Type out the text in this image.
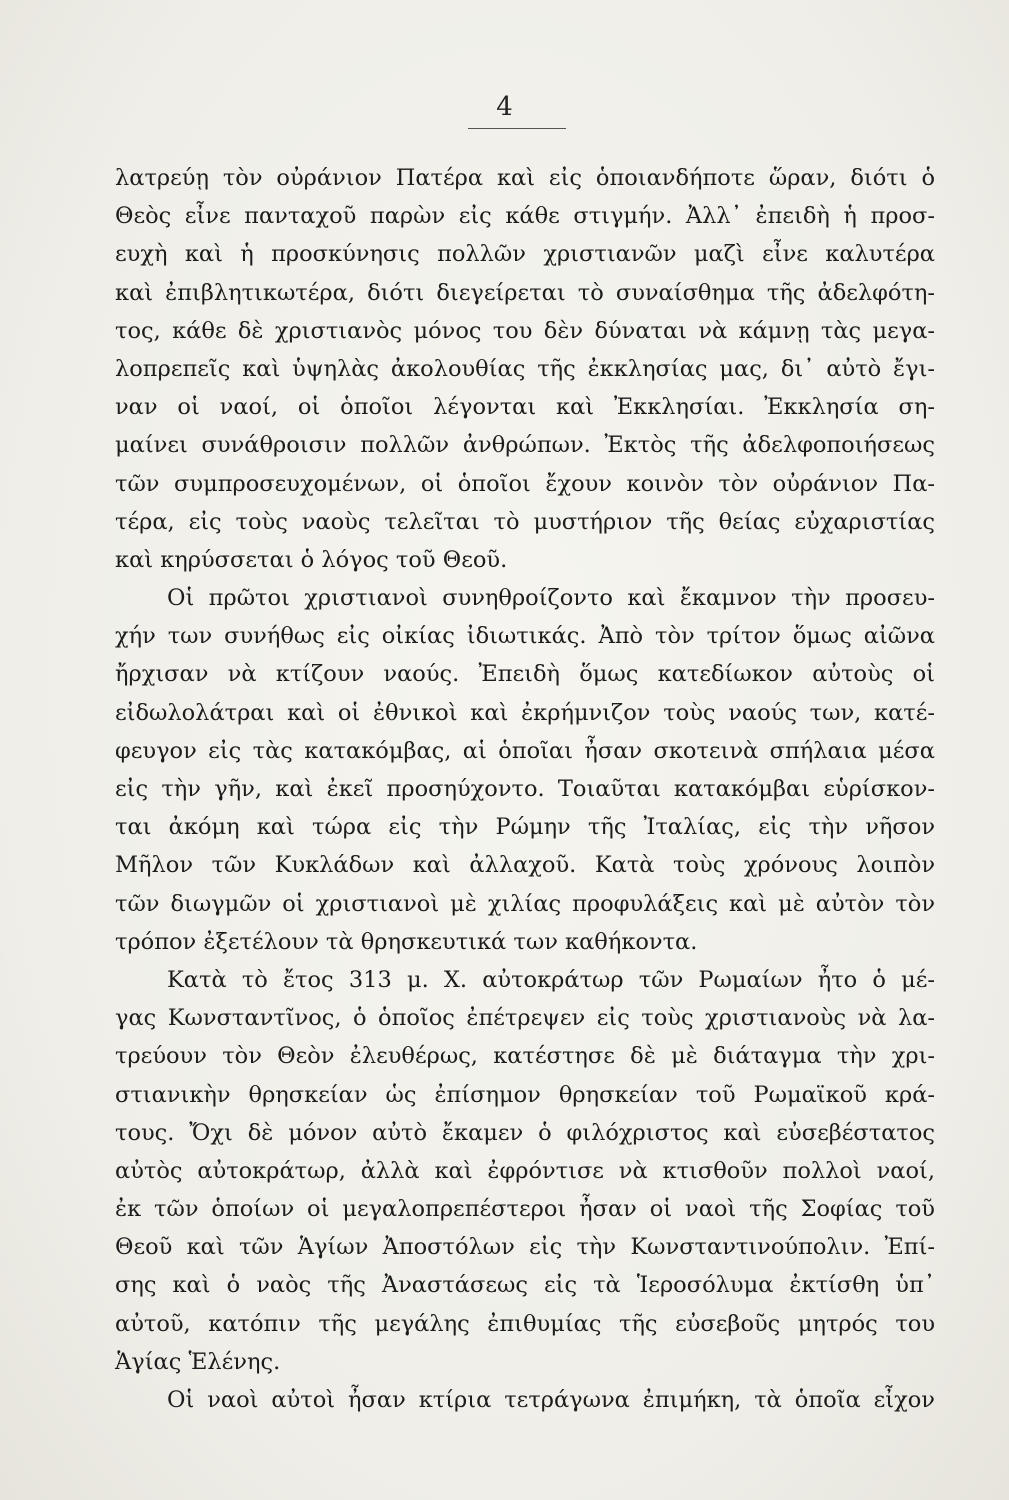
4
λατρεύῃ τὸν οὐράνιον Πατέρα καὶ εἰς ὁποιανδήποτε ὥραν, διότι ὁ
Θεὸς εἶνε πανταχοῦ παρὼν εἰς κάθε στιγμήν. Ἀλλ᾽ ἐπειδὴ ἡ προσ-
ευχὴ καὶ ἡ προσκύνησις πολλῶν χριστιανῶν μαζὶ εἶνε καλυτέρα
καὶ ἐπιβλητικωτέρα, διότι διεγείρεται τὸ συναίσθημα τῆς ἀδελφότη-
τος, κάθε δὲ χριστιανὸς μόνος του δὲν δύναται νὰ κάμνῃ τὰς μεγα-
λοπρεπεῖς καὶ ὑψηλὰς ἀκολουθίας τῆς ἐκκλησίας μας, δι᾽ αὐτὸ ἔγι-
ναν οἱ ναοί, οἱ ὁποῖοι λέγονται καὶ Ἐκκλησίαι. Ἐκκλησία ση-
μαίνει συνάθροισιν πολλῶν ἀνθρώπων. Ἐκτὸς τῆς ἀδελφοποιήσεως
τῶν συμπροσευχομένων, οἱ ὁποῖοι ἔχουν κοινὸν τὸν οὐράνιον Πα-
τέρα, εἰς τοὺς ναοὺς τελεῖται τὸ μυστήριον τῆς θείας εὐχαριστίας
καὶ κηρύσσεται ὁ λόγος τοῦ Θεοῦ.
Οἱ πρῶτοι χριστιανοὶ συνηθροίζοντο καὶ ἔκαμνον τὴν προσευ-
χήν των συνήθως εἰς οἰκίας ἰδιωτικάς. Ἀπὸ τὸν τρίτον ὅμως αἰῶνα
ἤρχισαν νὰ κτίζουν ναούς. Ἐπειδὴ ὅμως κατεδίωκον αὐτοὺς οἱ
εἰδωλολάτραι καὶ οἱ ἐθνικοὶ καὶ ἐκρήμνιζον τοὺς ναούς των, κατέ-
φευγον εἰς τὰς κατακόμβας, αἱ ὁποῖαι ἦσαν σκοτεινὰ σπήλαια μέσα
εἰς τὴν γῆν, καὶ ἐκεῖ προσηύχοντο. Τοιαῦται κατακόμβαι εὑρίσκον-
ται ἀκόμη καὶ τώρα εἰς τὴν Ρώμην τῆς Ἰταλίας, εἰς τὴν νῆσον
Μῆλον τῶν Κυκλάδων καὶ ἀλλαχοῦ. Κατὰ τοὺς χρόνους λοιπὸν
τῶν διωγμῶν οἱ χριστιανοὶ μὲ χιλίας προφυλάξεις καὶ μὲ αὐτὸν τὸν
τρόπον ἐξετέλουν τὰ θρησκευτικά των καθήκοντα.
Κατὰ τὸ ἔτος 313 μ. Χ. αὐτοκράτωρ τῶν Ρωμαίων ἦτο ὁ μέ-
γας Κωνσταντῖνος, ὁ ὁποῖος ἐπέτρεψεν εἰς τοὺς χριστιανοὺς νὰ λα-
τρεύουν τὸν Θεὸν ἐλευθέρως, κατέστησε δὲ μὲ διάταγμα τὴν χρι-
στιανικὴν θρησκείαν ὡς ἐπίσημον θρησκείαν τοῦ Ρωμαϊκοῦ κρά-
τους. Ὄχι δὲ μόνον αὐτὸ ἔκαμεν ὁ φιλόχριστος καὶ εὐσεβέστατος
αὐτὸς αὐτοκράτωρ, ἀλλὰ καὶ ἐφρόντισε νὰ κτισθοῦν πολλοὶ ναοί,
ἐκ τῶν ὁποίων οἱ μεγαλοπρεπέστεροι ἦσαν οἱ ναοὶ τῆς Σοφίας τοῦ
Θεοῦ καὶ τῶν Ἁγίων Ἀποστόλων εἰς τὴν Κωνσταντινούπολιν. Ἐπί-
σης καὶ ὁ ναὸς τῆς Ἀναστάσεως εἰς τὰ Ἱεροσόλυμα ἐκτίσθη ὑπ᾽
αὐτοῦ, κατόπιν τῆς μεγάλης ἐπιθυμίας τῆς εὐσεβοῦς μητρός του
Ἁγίας Ἑλένης.
Οἱ ναοὶ αὐτοὶ ἦσαν κτίρια τετράγωνα ἐπιμήκη, τὰ ὁποῖα εἶχον
